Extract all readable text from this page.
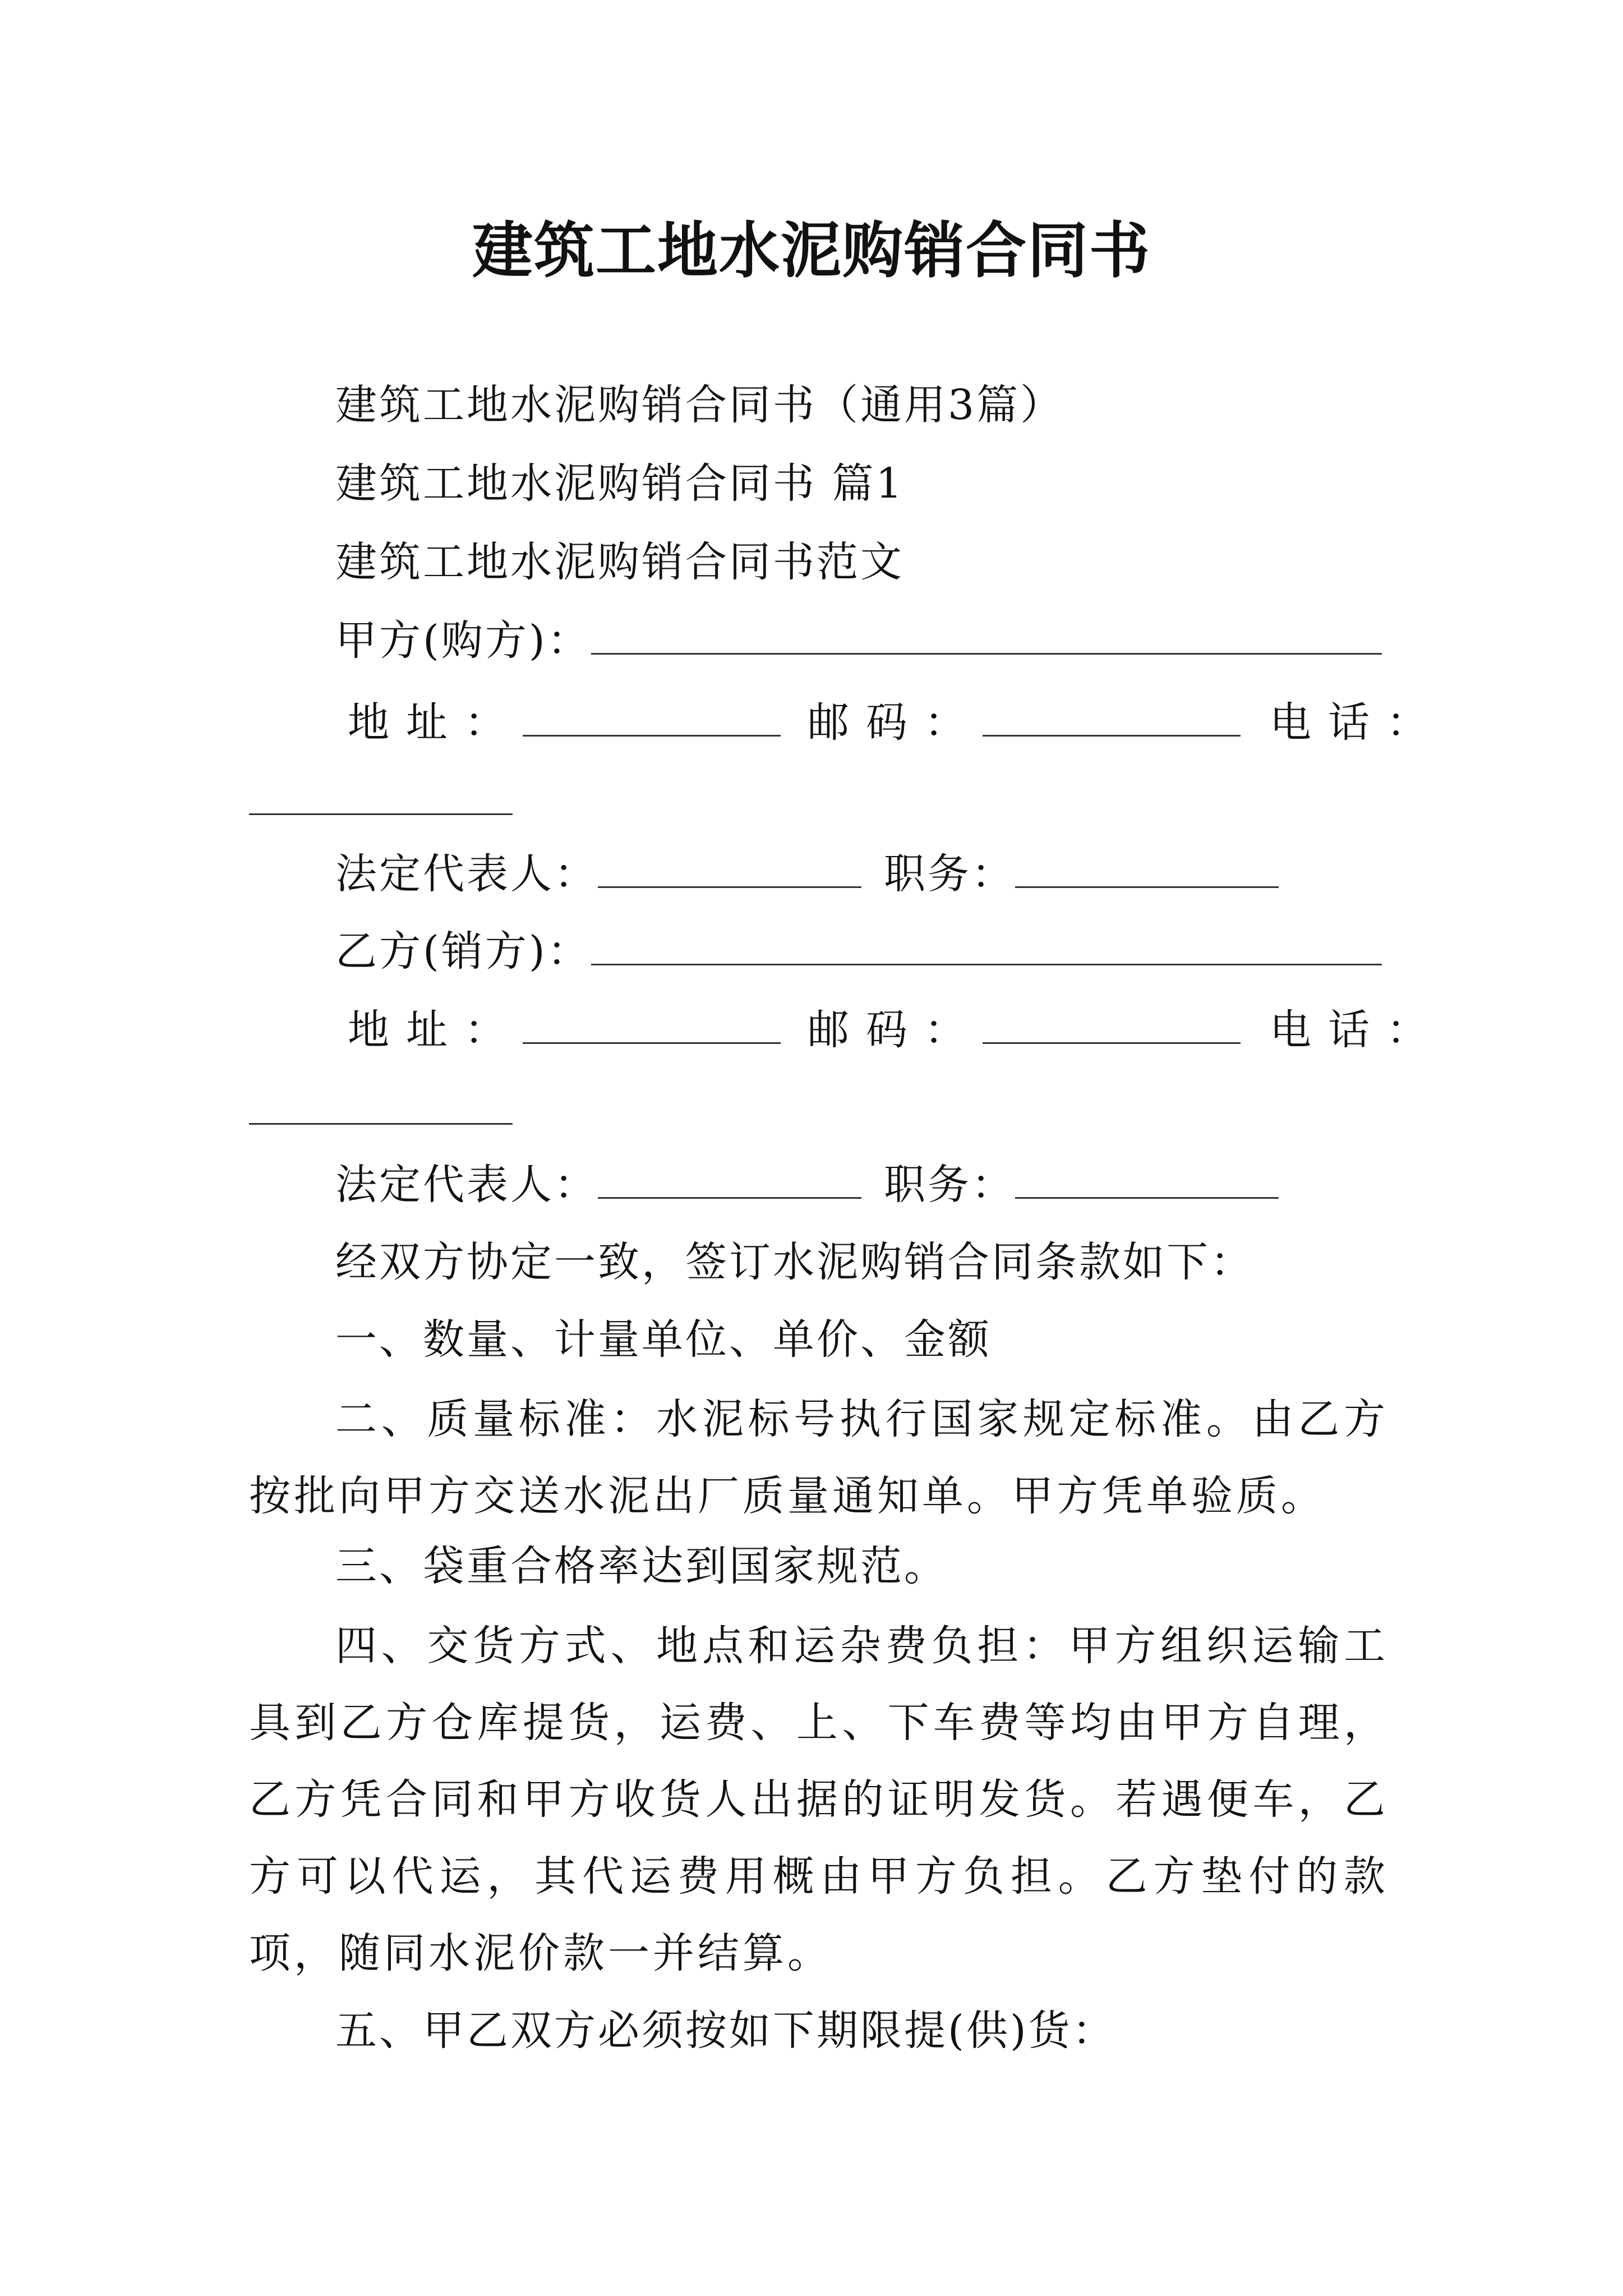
建筑工地水泥购销合同书
建筑工地水泥购销合同书（通用3篇）
建筑工地水泥购销合同书 篇1
建筑工地水泥购销合同书范文
甲方(购方)：
地址：	邮码：	电话：
法定代表人：	职务：
乙方(销方)：
地址：	邮码：	电话：
法定代表人：	职务：
经双方协定一致，签订水泥购销合同条款如下：
一、数量、计量单位、单价、金额
二、质量标准：水泥标号执行国家规定标准。由乙方按批向甲方交送水泥出厂质量通知单。甲方凭单验质。
三、袋重合格率达到国家规范。
四、交货方式、地点和运杂费负担：甲方组织运输工具到乙方仓库提货，运费、上、下车费等均由甲方自理，乙方凭合同和甲方收货人出据的证明发货。若遇便车，乙方可以代运，其代运费用概由甲方负担。乙方垫付的款项，随同水泥价款一并结算。
五、甲乙双方必须按如下期限提(供)货：
